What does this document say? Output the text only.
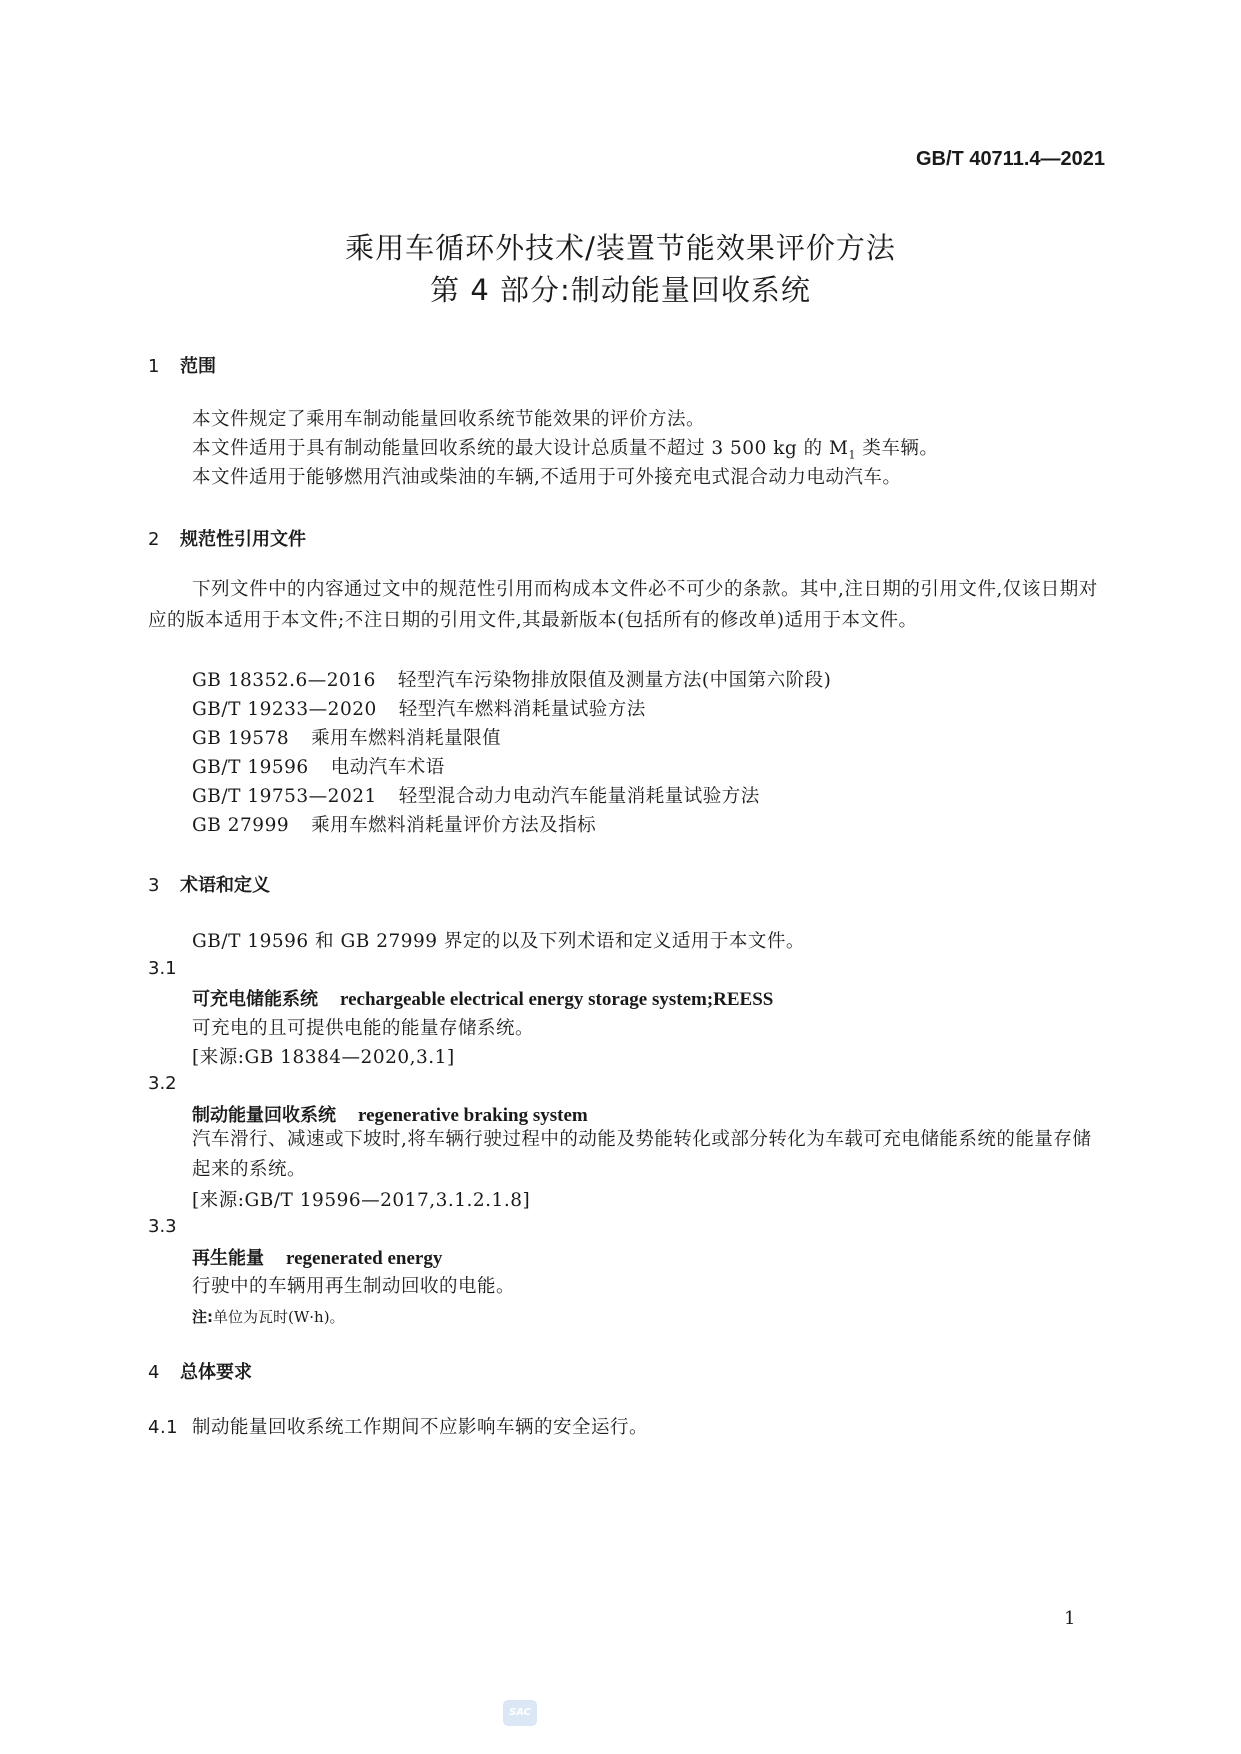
GB/T 40711.4—2021
乘用车循环外技术/装置节能效果评价方法
第 4 部分:制动能量回收系统
1 范围
本文件规定了乘用车制动能量回收系统节能效果的评价方法。
本文件适用于具有制动能量回收系统的最大设计总质量不超过 3 500 kg 的 $M_1$ 类车辆。
本文件适用于能够燃用汽油或柴油的车辆,不适用于可外接充电式混合动力电动汽车。
2 规范性引用文件
下列文件中的内容通过文中的规范性引用而构成本文件必不可少的条款。其中,注日期的引用文件,仅该日期对应的版本适用于本文件;不注日期的引用文件,其最新版本(包括所有的修改单)适用于本文件。
GB 18352.6—2016 轻型汽车污染物排放限值及测量方法(中国第六阶段)
GB/T 19233—2020 轻型汽车燃料消耗量试验方法
GB 19578 乘用车燃料消耗量限值
GB/T 19596 电动汽车术语
GB/T 19753—2021 轻型混合动力电动汽车能量消耗量试验方法
GB 27999 乘用车燃料消耗量评价方法及指标
3 术语和定义
GB/T 19596 和 GB 27999 界定的以及下列术语和定义适用于本文件。
3.1
可充电储能系统 rechargeable electrical energy storage system;REESS
可充电的且可提供电能的能量存储系统。
[来源:GB 18384—2020,3.1]
3.2
制动能量回收系统 regenerative braking system
汽车滑行、减速或下坡时,将车辆行驶过程中的动能及势能转化或部分转化为车载可充电储能系统的能量存储起来的系统。
[来源:GB/T 19596—2017,3.1.2.1.8]
3.3
再生能量 regenerated energy
行驶中的车辆用再生制动回收的电能。
注:单位为瓦时(W·h)。
4 总体要求
4.1 制动能量回收系统工作期间不应影响车辆的安全运行。
1
SAC
